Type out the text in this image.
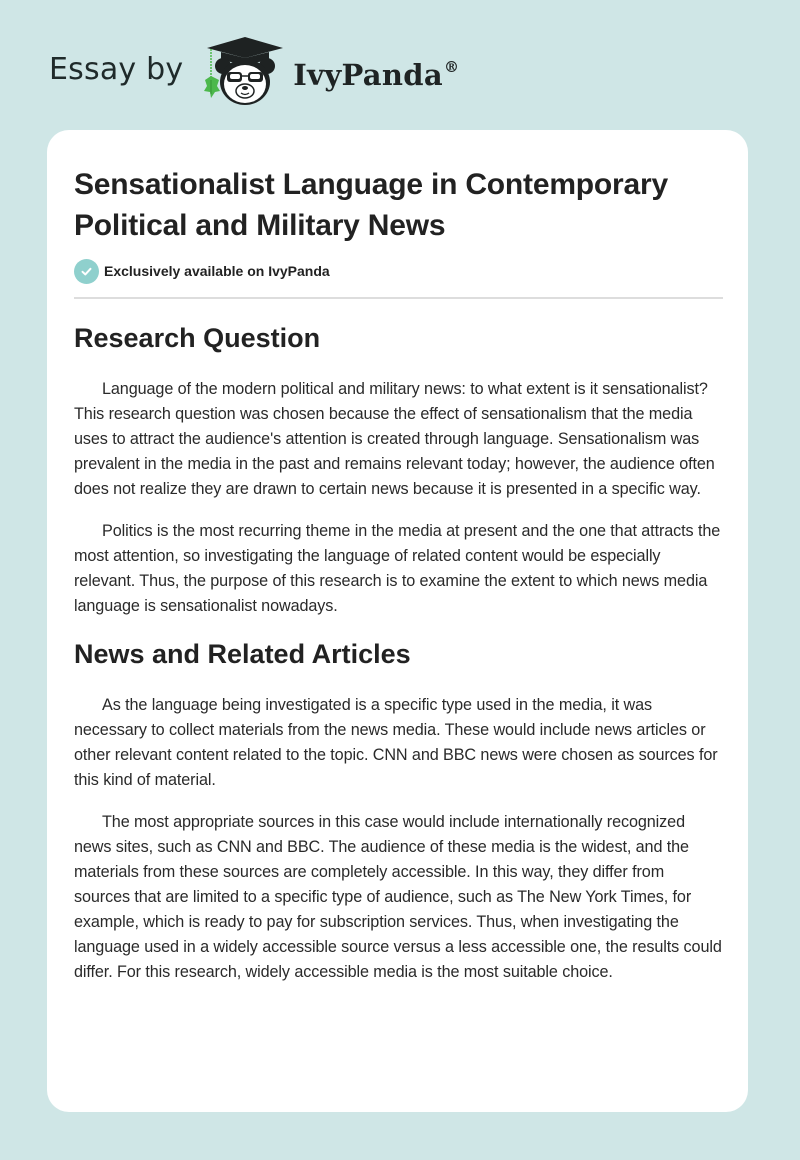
Essay by	IvyPanda®
Sensationalist Language in Contemporary Political and Military News
Exclusively available on IvyPanda
Research Question

Language of the modern political and military news: to what extent is it sensationalist? This research question was chosen because the effect of sensationalism that the media uses to attract the audience's attention is created through language. Sensationalism was prevalent in the media in the past and remains relevant today; however, the audience often does not realize they are drawn to certain news because it is presented in a specific way.

Politics is the most recurring theme in the media at present and the one that attracts the most attention, so investigating the language of related content would be especially relevant. Thus, the purpose of this research is to examine the extent to which news media language is sensationalist nowadays.

News and Related Articles

As the language being investigated is a specific type used in the media, it was necessary to collect materials from the news media. These would include news articles or other relevant content related to the topic. CNN and BBC news were chosen as sources for this kind of material.

The most appropriate sources in this case would include internationally recognized news sites, such as CNN and BBC. The audience of these media is the widest, and the materials from these sources are completely accessible. In this way, they differ from sources that are limited to a specific type of audience, such as The New York Times, for example, which is ready to pay for subscription services. Thus, when investigating the language used in a widely accessible source versus a less accessible one, the results could differ. For this research, widely accessible media is the most suitable choice.
